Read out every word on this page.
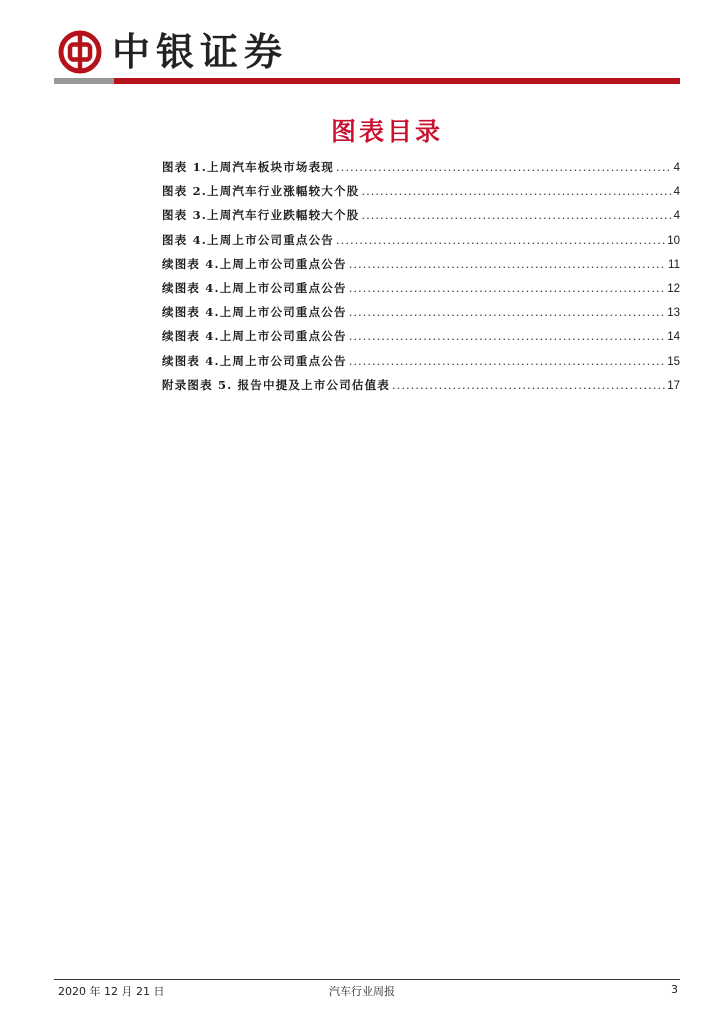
中银证券
图表目录
图表 1.上周汽车板块市场表现 .....	4
图表 2.上周汽车行业涨幅较大个股 .....	4
图表 3.上周汽车行业跌幅较大个股 .....	4
图表 4.上周上市公司重点公告 .....	10
续图表 4.上周上市公司重点公告 .....	11
续图表 4.上周上市公司重点公告 .....	12
续图表 4.上周上市公司重点公告 .....	13
续图表 4.上周上市公司重点公告 .....	14
续图表 4.上周上市公司重点公告 .....	15
附录图表 5. 报告中提及上市公司估值表 .....	17
2020 年 12 月 21 日	汽车行业周报	3
